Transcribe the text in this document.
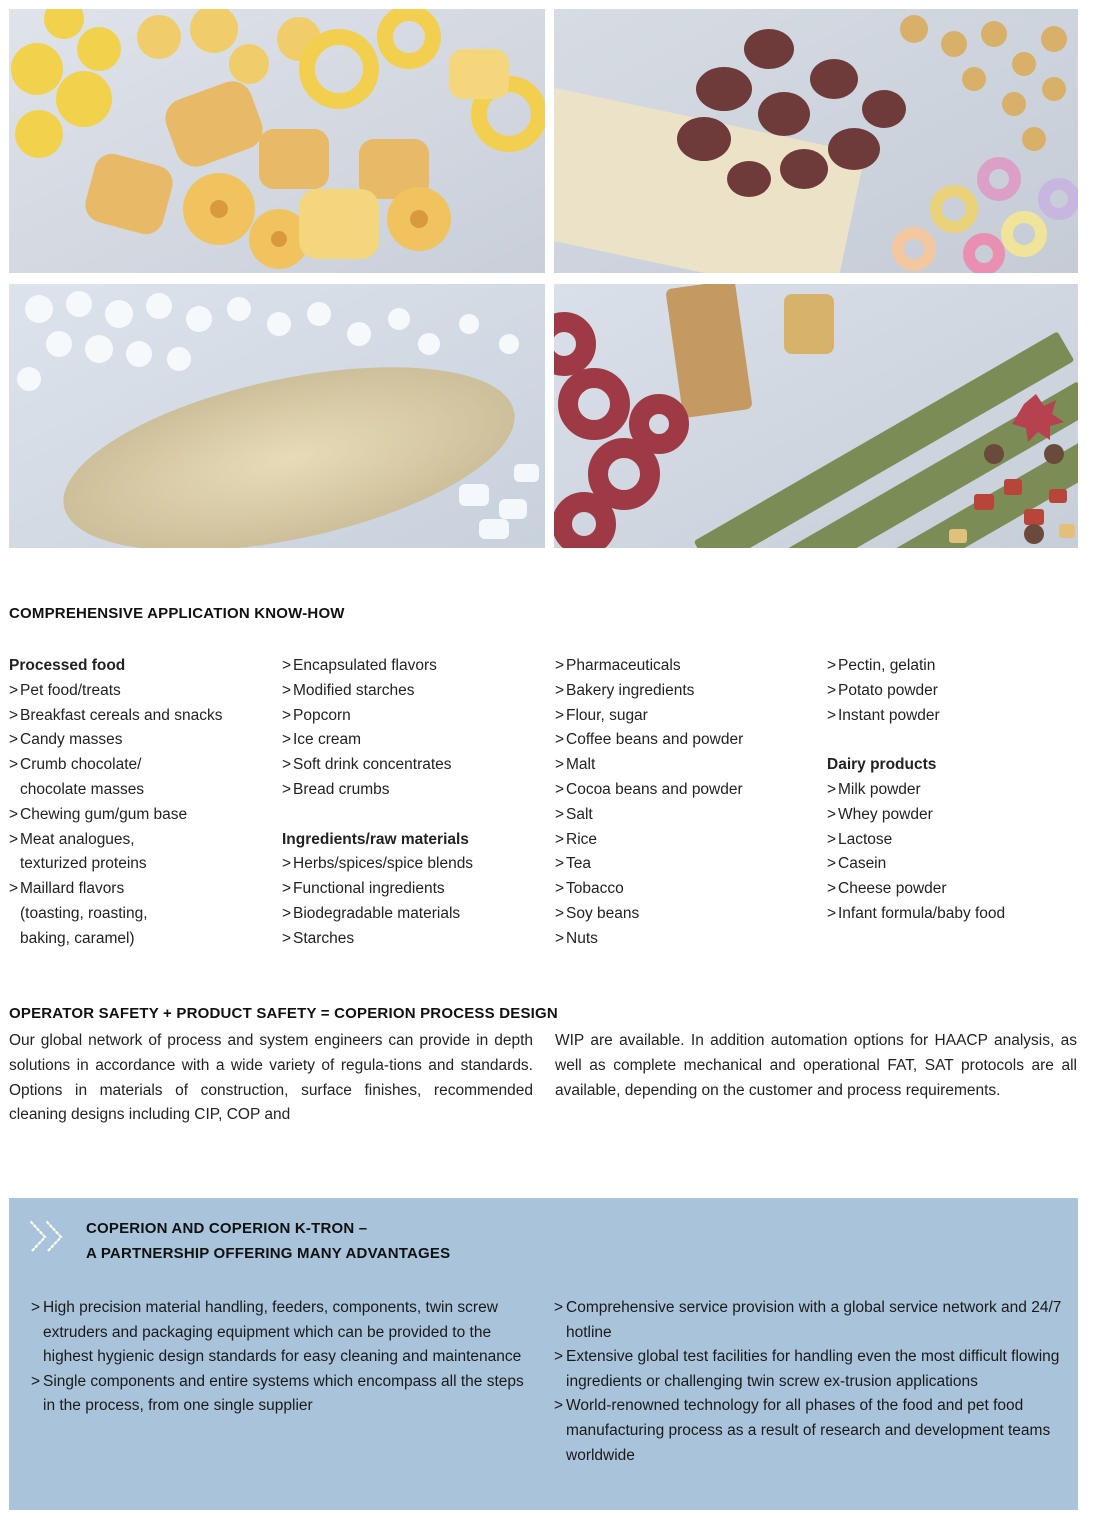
COMPREHENSIVE APPLICATION KNOW-HOW
Processed food
> Pet food/treats
> Breakfast cereals and snacks
> Candy masses
> Crumb chocolate/
chocolate masses
> Chewing gum/gum base
> Meat analogues,
texturized proteins
> Maillard flavors
(toasting, roasting,
baking, caramel)
> Encapsulated flavors
> Modified starches
> Popcorn
> Ice cream
> Soft drink concentrates
> Bread crumbs
Ingredients/raw materials
> Herbs/spices/spice blends
> Functional ingredients
> Biodegradable materials
> Starches
> Pharmaceuticals
> Bakery ingredients
> Flour, sugar
> Coffee beans and powder
> Malt
> Cocoa beans and powder
> Salt
> Rice
> Tea
> Tobacco
> Soy beans
> Nuts
> Pectin, gelatin
> Potato powder
> Instant powder
Dairy products
> Milk powder
> Whey powder
> Lactose
> Casein
> Cheese powder
> Infant formula/baby food
OPERATOR SAFETY + PRODUCT SAFETY = COPERION PROCESS DESIGN
Our global network of process and system engineers can provide in depth solutions in accordance with a wide variety of regula-tions and standards. Options in materials of construction, surface finishes, recommended cleaning designs including CIP, COP and
WIP are available. In addition automation options for HAACP analysis, as well as complete mechanical and operational FAT, SAT protocols are all available, depending on the customer and process requirements.
COPERION AND COPERION K-TRON –
A PARTNERSHIP OFFERING MANY ADVANTAGES
> High precision material handling, feeders, components, twin screw extruders and packaging equipment which can be provided to the highest hygienic design standards for easy cleaning and maintenance
> Single components and entire systems which encompass all the steps in the process, from one single supplier
> Comprehensive service provision with a global service network and 24/7 hotline
> Extensive global test facilities for handling even the most difficult flowing ingredients or challenging twin screw ex-trusion applications
> World-renowned technology for all phases of the food and pet food manufacturing process as a result of research and development teams worldwide
